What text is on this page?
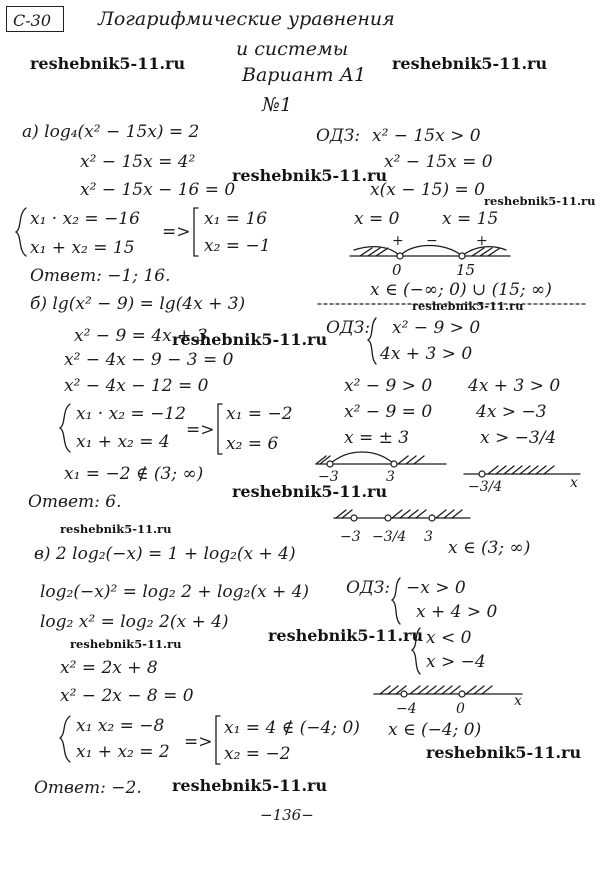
C-30 Логарифмические уравнения
и системы
Вариант А1
№1
reshebnik5-11.ru	reshebnik5-11.ru
reshebnik5-11.ru
reshebnik5-11.ru
reshebnik5-11.ru
reshebnik5-11.ru
reshebnik5-11.ru
reshebnik5-11.ru
reshebnik5-11.ru
reshebnik5-11.ru
reshebnik5-11.ru
reshebnik5-11.ru
а) log₄(x² − 15x) = 2
x² − 15x = 4²
x² − 15x − 16 = 0
x₁ · x₂ = −16
x₁ + x₂ = 15
=>
x₁ = 16
x₂ = −1
Ответ: −1; 16.
ОДЗ: x² − 15x > 0
x² − 15x = 0
x(x − 15) = 0
x = 0	x = 15
+ −	+
0	15
x ∈ (−∞; 0) ∪ (15; ∞)
б) lg(x² − 9) = lg(4x + 3)
x² − 9 = 4x + 3
x² − 4x − 9 − 3 = 0
x² − 4x − 12 = 0
x₁ · x₂ = −12
x₁ + x₂ = 4
=>
x₁ = −2
x₂ = 6
x₁ = −2 ∉ (3; ∞)
Ответ: 6.
ОДЗ: x² − 9 > 0
4x + 3 > 0
x² − 9 > 0
x² − 9 = 0
x = ± 3
4x + 3 > 0
4x > −3
x > −3/4
−3	3
−3/4	x
−3 −3/4 3
x ∈ (3; ∞)
в) 2 log₂(−x) = 1 + log₂(x + 4)
log₂(−x)² = log₂ 2 + log₂(x + 4)
log₂ x² = log₂ 2(x + 4)
x² = 2x + 8
x² − 2x − 8 = 0
x₁ x₂ = −8
x₁ + x₂ = 2 =>
x₁ = 4 ∉ (−4; 0)
x₂ = −2
Ответ: −2.
ОДЗ: −x > 0
x + 4 > 0
x < 0
x > −4
−4	0	x
x ∈ (−4; 0)
−136−
